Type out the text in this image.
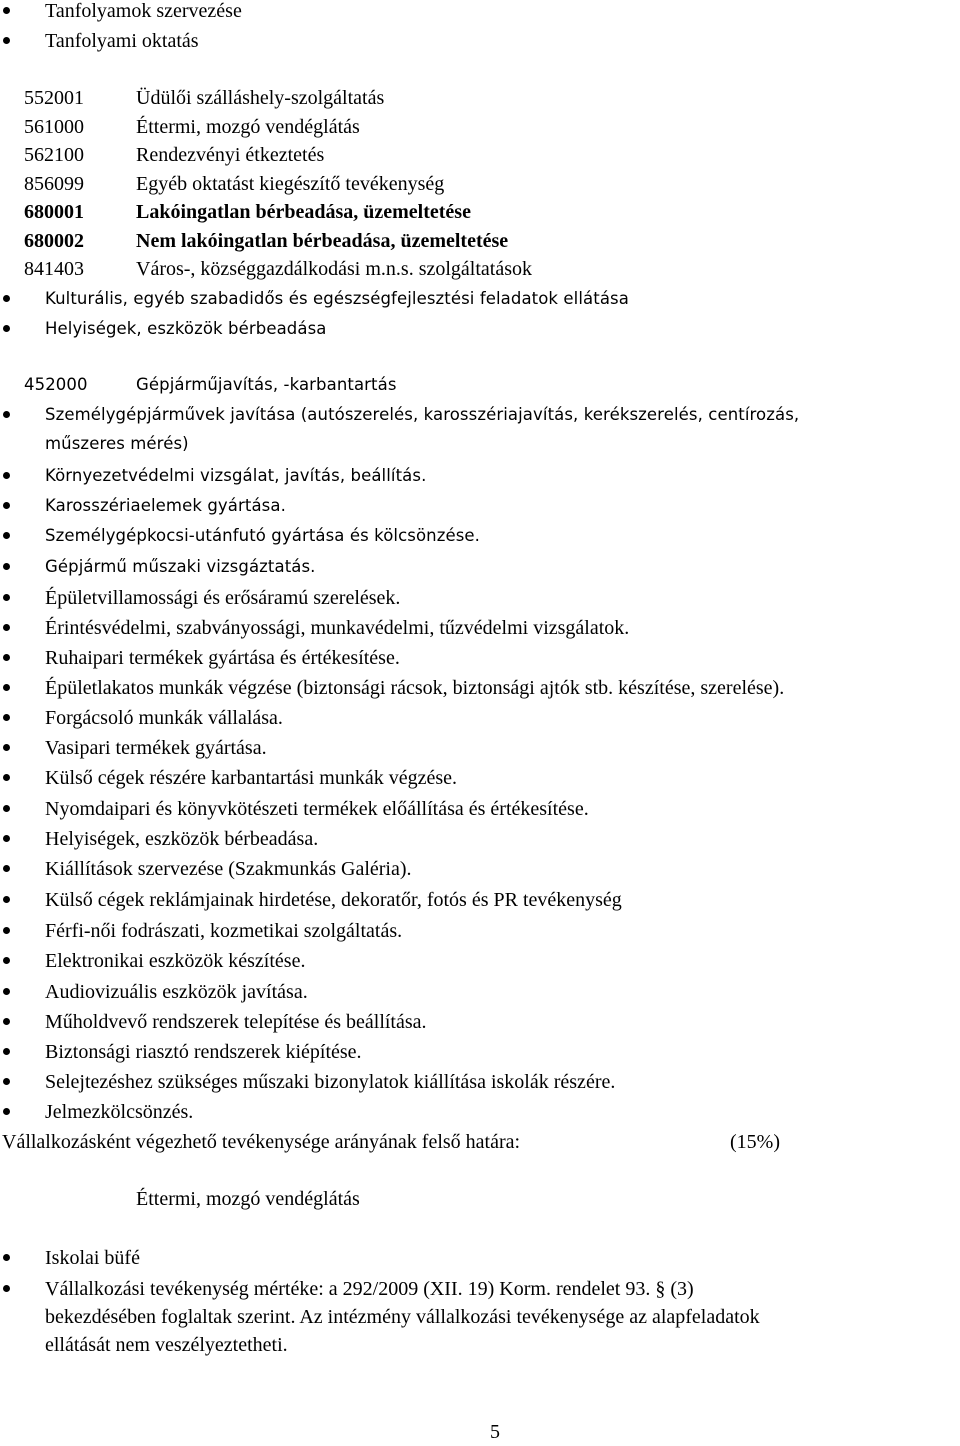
Tanfolyamok szervezése
Tanfolyami oktatás
552001	Üdülői szálláshely-szolgáltatás
561000	Éttermi, mozgó vendéglátás
562100	Rendezvényi étkeztetés
856099	Egyéb oktatást kiegészítő tevékenység
680001	Lakóingatlan bérbeadása, üzemeltetése
680002	Nem lakóingatlan bérbeadása, üzemeltetése
841403	Város-, községgazdálkodási m.n.s. szolgáltatások
Kulturális, egyéb szabadidős és egészségfejlesztési feladatok ellátása
Helyiségek, eszközök bérbeadása
452000	Gépjárműjavítás, -karbantartás
Személygépjárművek javítása (autószerelés, karosszériajavítás, kerékszerelés, centírozás,
műszeres mérés)
Környezetvédelmi vizsgálat, javítás, beállítás.
Karosszériaelemek gyártása.
Személygépkocsi-utánfutó gyártása és kölcsönzése.
Gépjármű műszaki vizsgáztatás.
Épületvillamossági és erősáramú szerelések.
Érintésvédelmi, szabványossági, munkavédelmi, tűzvédelmi vizsgálatok.
Ruhaipari termékek gyártása és értékesítése.
Épületlakatos munkák végzése (biztonsági rácsok, biztonsági ajtók stb. készítése, szerelése).
Forgácsoló munkák vállalása.
Vasipari termékek gyártása.
Külső cégek részére karbantartási munkák végzése.
Nyomdaipari és könyvkötészeti termékek előállítása és értékesítése.
Helyiségek, eszközök bérbeadása.
Kiállítások szervezése (Szakmunkás Galéria).
Külső cégek reklámjainak hirdetése, dekoratőr, fotós és PR tevékenység
Férfi-női fodrászati, kozmetikai szolgáltatás.
Elektronikai eszközök készítése.
Audiovizuális eszközök javítása.
Műholdvevő rendszerek telepítése és beállítása.
Biztonsági riasztó rendszerek kiépítése.
Selejtezéshez szükséges műszaki bizonylatok kiállítása iskolák részére.
Jelmezkölcsönzés.
Vállalkozásként végezhető tevékenysége arányának felső határa:	(15%)
Éttermi, mozgó vendéglátás
Iskolai büfé
Vállalkozási tevékenység mértéke: a 292/2009 (XII. 19) Korm. rendelet 93. § (3)
bekezdésében foglaltak szerint. Az intézmény vállalkozási tevékenysége az alapfeladatok
ellátását nem veszélyeztetheti.
5
